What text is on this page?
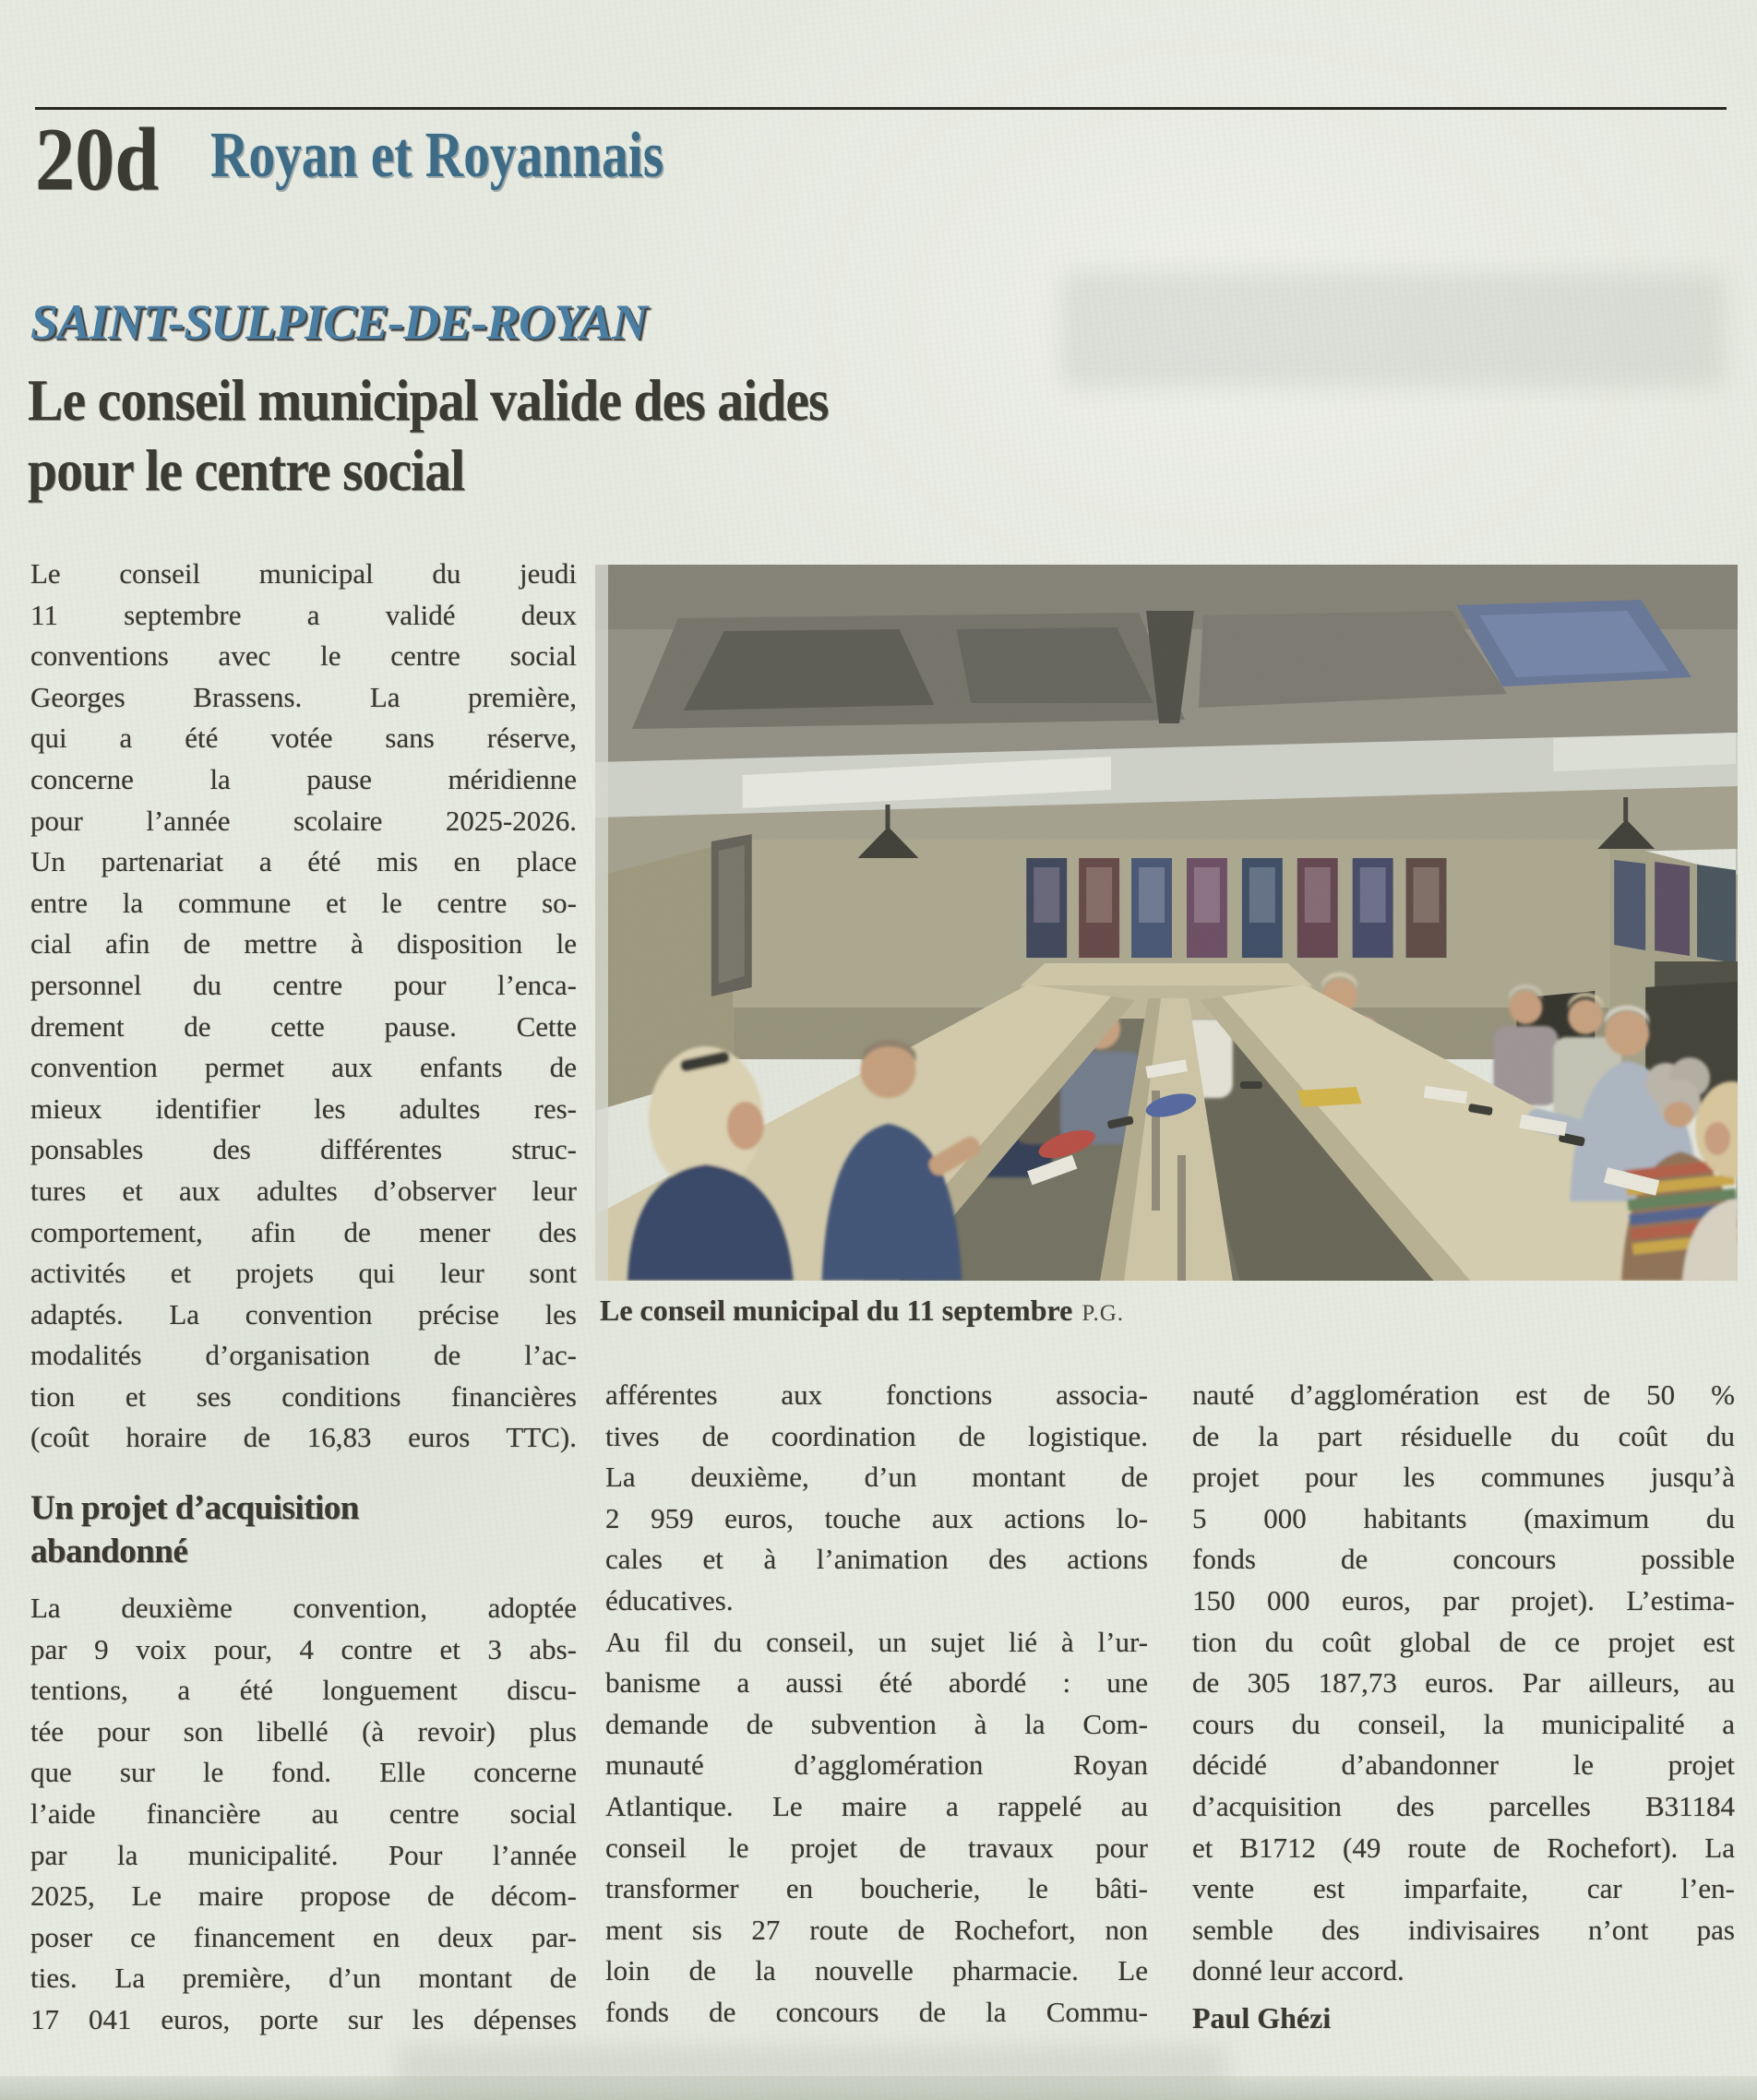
20d Royan et Royannais
SAINT-SULPICE-DE-ROYAN
Le conseil municipal valide des aides
pour le centre social
Le conseil municipal du jeudi
11 septembre a validé deux
conventions avec le centre social
Georges Brassens. La première,
qui a été votée sans réserve,
concerne la pause méridienne
pour l’année scolaire 2025-2026.
Un partenariat a été mis en place
entre la commune et le centre so-
cial afin de mettre à disposition le
personnel du centre pour l’enca-
drement de cette pause. Cette
convention permet aux enfants de
mieux identifier les adultes res-
ponsables des différentes struc-
tures et aux adultes d’observer leur
comportement, afin de mener des
activités et projets qui leur sont
adaptés. La convention précise les
modalités d’organisation de l’ac-
tion et ses conditions financières
(coût horaire de 16,83 euros TTC).
Un projet d’acquisition
abandonné
La deuxième convention, adoptée
par 9 voix pour, 4 contre et 3 abs-
tentions, a été longuement discu-
tée pour son libellé (à revoir) plus
que sur le fond. Elle concerne
l’aide financière au centre social
par la municipalité. Pour l’année
2025, Le maire propose de décom-
poser ce financement en deux par-
ties. La première, d’un montant de
17 041 euros, porte sur les dépenses
Le conseil municipal du 11 septembre P.G.
afférentes aux fonctions associa-
tives de coordination de logistique.
La deuxième, d’un montant de
2 959 euros, touche aux actions lo-
cales et à l’animation des actions
éducatives.
Au fil du conseil, un sujet lié à l’ur-
banisme a aussi été abordé : une
demande de subvention à la Com-
munauté d’agglomération Royan
Atlantique. Le maire a rappelé au
conseil le projet de travaux pour
transformer en boucherie, le bâti-
ment sis 27 route de Rochefort, non
loin de la nouvelle pharmacie. Le
fonds de concours de la Commu-
nauté d’agglomération est de 50 %
de la part résiduelle du coût du
projet pour les communes jusqu’à
5 000 habitants (maximum du
fonds de concours possible
150 000 euros, par projet). L’estima-
tion du coût global de ce projet est
de 305 187,73 euros. Par ailleurs, au
cours du conseil, la municipalité a
décidé d’abandonner le projet
d’acquisition des parcelles B31184
et B1712 (49 route de Rochefort). La
vente est imparfaite, car l’en-
semble des indivisaires n’ont pas
donné leur accord.
Paul Ghézi
